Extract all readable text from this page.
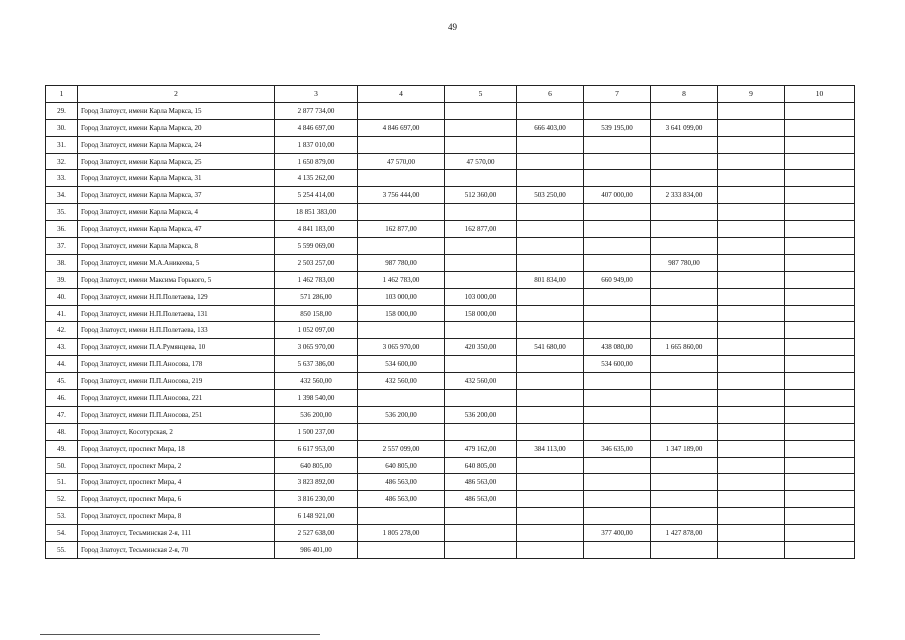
49
1	2	3	4	5	6	7	8	9	10
29.	Город Златоуст, имени Карла Маркса, 15	2 877 734,00							
30.	Город Златоуст, имени Карла Маркса, 20	4 846 697,00	4 846 697,00		666 403,00	539 195,00	3 641 099,00		
31.	Город Златоуст, имени Карла Маркса, 24	1 837 010,00							
32.	Город Златоуст, имени Карла Маркса, 25	1 650 879,00	47 570,00	47 570,00					
33.	Город Златоуст, имени Карла Маркса, 31	4 135 262,00							
34.	Город Златоуст, имени Карла Маркса, 37	5 254 414,00	3 756 444,00	512 360,00	503 250,00	407 000,00	2 333 834,00		
35.	Город Златоуст, имени Карла Маркса, 4	18 851 383,00							
36.	Город Златоуст, имени Карла Маркса, 47	4 841 183,00	162 877,00	162 877,00					
37.	Город Златоуст, имени Карла Маркса, 8	5 599 069,00							
38.	Город Златоуст, имени М.А.Аникеева, 5	2 503 257,00	987 780,00				987 780,00		
39.	Город Златоуст, имени Максима Горького, 5	1 462 783,00	1 462 783,00		801 834,00	660 949,00			
40.	Город Златоуст, имени Н.П.Полетаева, 129	571 286,00	103 000,00	103 000,00					
41.	Город Златоуст, имени Н.П.Полетаева, 131	850 158,00	158 000,00	158 000,00					
42.	Город Златоуст, имени Н.П.Полетаева, 133	1 052 097,00							
43.	Город Златоуст, имени П.А.Румянцева, 10	3 065 970,00	3 065 970,00	420 350,00	541 680,00	438 080,00	1 665 860,00		
44.	Город Златоуст, имени П.П.Аносова, 178	5 637 386,00	534 600,00			534 600,00			
45.	Город Златоуст, имени П.П.Аносова, 219	432 560,00	432 560,00	432 560,00					
46.	Город Златоуст, имени П.П.Аносова, 221	1 398 540,00							
47.	Город Златоуст, имени П.П.Аносова, 251	536 200,00	536 200,00	536 200,00					
48.	Город Златоуст, Косотурская, 2	1 500 237,00							
49.	Город Златоуст, проспект Мира, 18	6 617 953,00	2 557 099,00	479 162,00	384 113,00	346 635,00	1 347 189,00		
50.	Город Златоуст, проспект Мира, 2	640 805,00	640 805,00	640 805,00					
51.	Город Златоуст, проспект Мира, 4	3 823 892,00	486 563,00	486 563,00					
52.	Город Златоуст, проспект Мира, 6	3 816 230,00	486 563,00	486 563,00					
53.	Город Златоуст, проспект Мира, 8	6 148 921,00							
54.	Город Златоуст, Тесьминская 2-я, 111	2 527 638,00	1 805 278,00			377 400,00	1 427 878,00		
55.	Город Златоуст, Тесьминская 2-я, 70	986 401,00							
